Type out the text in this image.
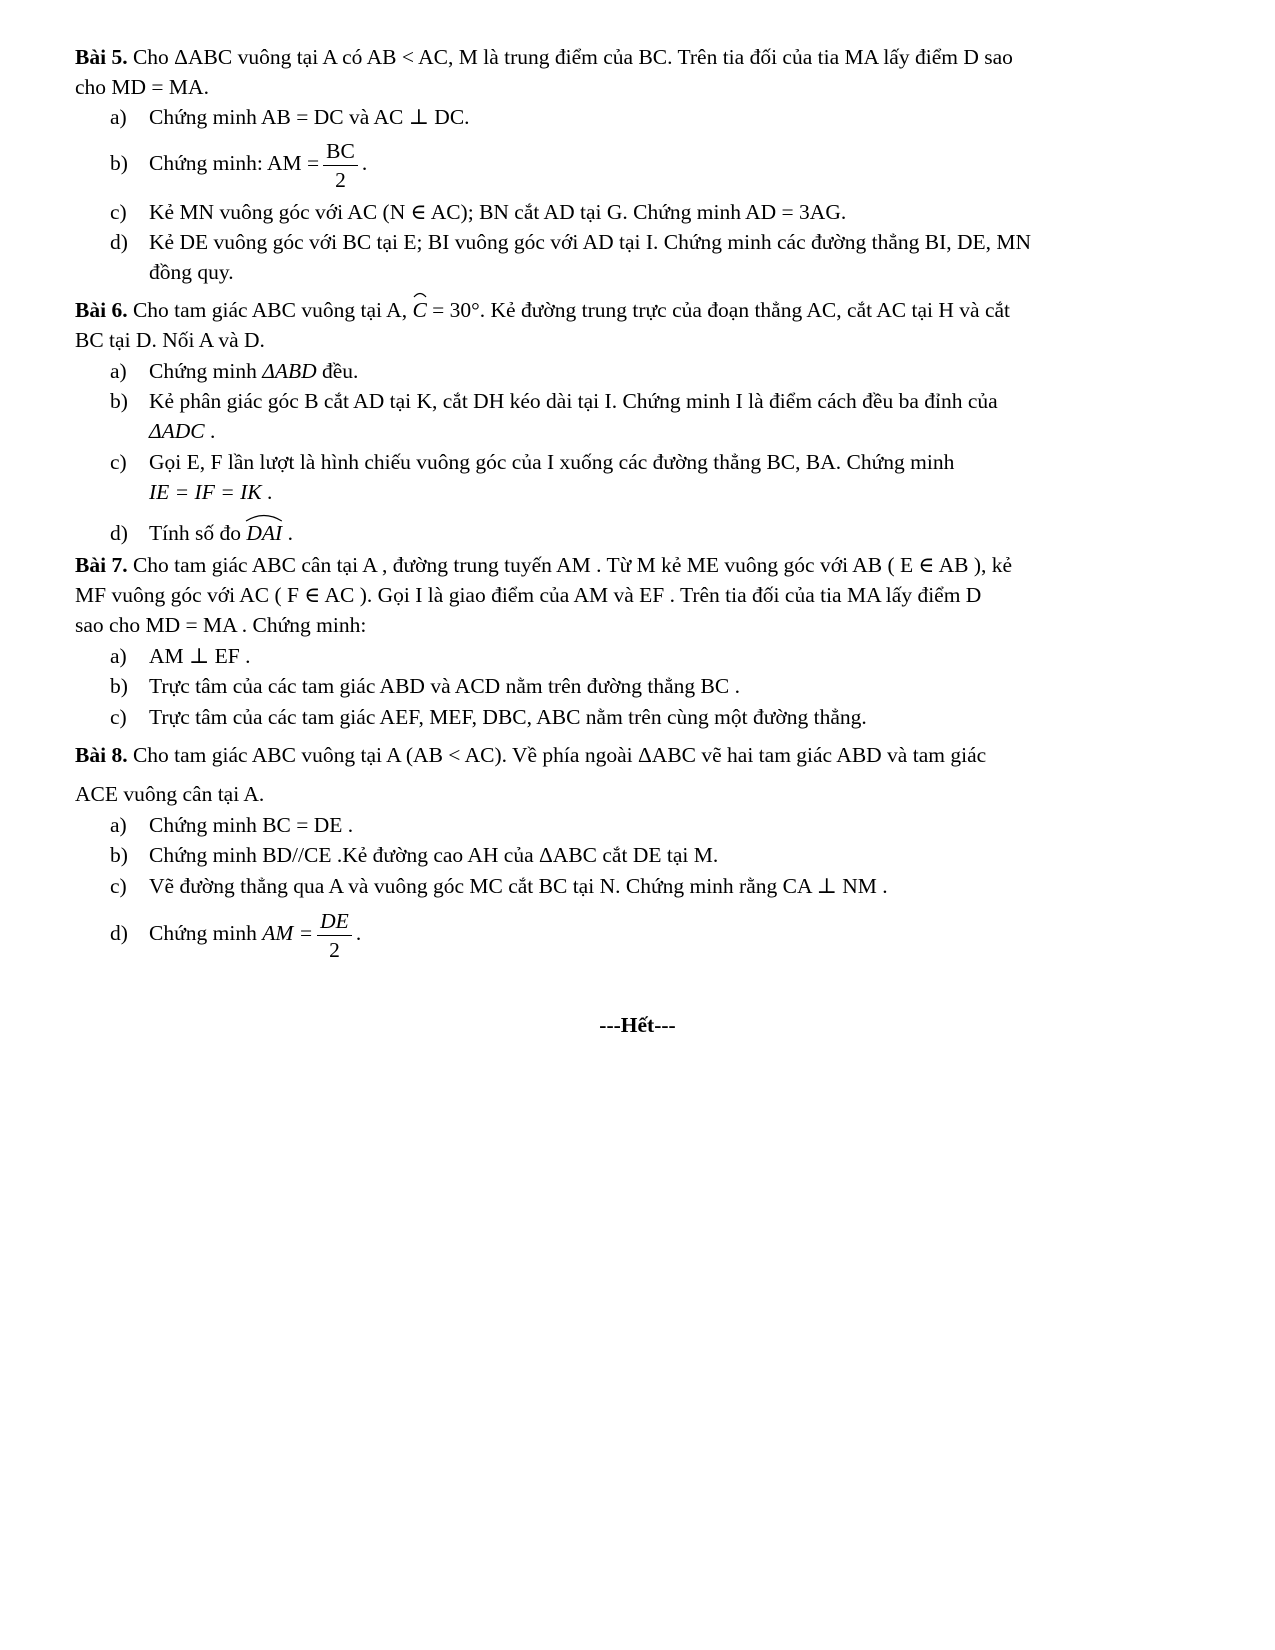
Bài 5. Cho ΔABC vuông tại A có AB < AC, M là trung điểm của BC. Trên tia đối của tia MA lấy điểm D sao
cho MD = MA.
a) Chứng minh AB = DC và AC ⊥ DC.
b) Chứng minh: AM = $\frac{BC}{2}$ .
c) Kẻ MN vuông góc với AC (N ∈ AC); BN cắt AD tại G. Chứng minh AD = 3AG.
d) Kẻ DE vuông góc với BC tại E; BI vuông góc với AD tại I. Chứng minh các đường thẳng BI, DE, MN
đồng quy.
Bài 6. Cho tam giác ABC vuông tại A,
C = 30°. Kẻ đường trung trực của đoạn thẳng AC, cắt AC tại H và cắt
BC tại D. Nối A và D.
a) Chứng minh ΔABD đều.
b) Kẻ phân giác góc B cắt AD tại K, cắt DH kéo dài tại I. Chứng minh I là điểm cách đều ba đỉnh của
ΔADC .
c) Gọi E, F lần lượt là hình chiếu vuông góc của I xuống các đường thẳng BC, BA. Chứng minh
IE = IF = IK .
d) Tính số đo
DAI .
Bài 7. Cho tam giác ABC cân tại A , đường trung tuyến AM . Từ M kẻ ME vuông góc với AB ( E ∈ AB ), kẻ
MF vuông góc với AC ( F ∈ AC ). Gọi I là giao điểm của AM và EF . Trên tia đối của tia MA lấy điểm D
sao cho MD = MA . Chứng minh:
a) AM ⊥ EF .
b) Trực tâm của các tam giác ABD và ACD nằm trên đường thẳng BC .
c) Trực tâm của các tam giác AEF, MEF, DBC, ABC nằm trên cùng một đường thẳng.
Bài 8. Cho tam giác ABC vuông tại A (AB < AC). Về phía ngoài ΔABC vẽ hai tam giác ABD và tam giác
ACE vuông cân tại A.
a) Chứng minh BC = DE .
b) Chứng minh BD//CE .Kẻ đường cao AH của ΔABC cắt DE tại M.
c) Vẽ đường thẳng qua A và vuông góc MC cắt BC tại N. Chứng minh rằng CA ⊥ NM .
d) Chứng minh AM = $\frac{DE}{2}$ .
---Hết---
